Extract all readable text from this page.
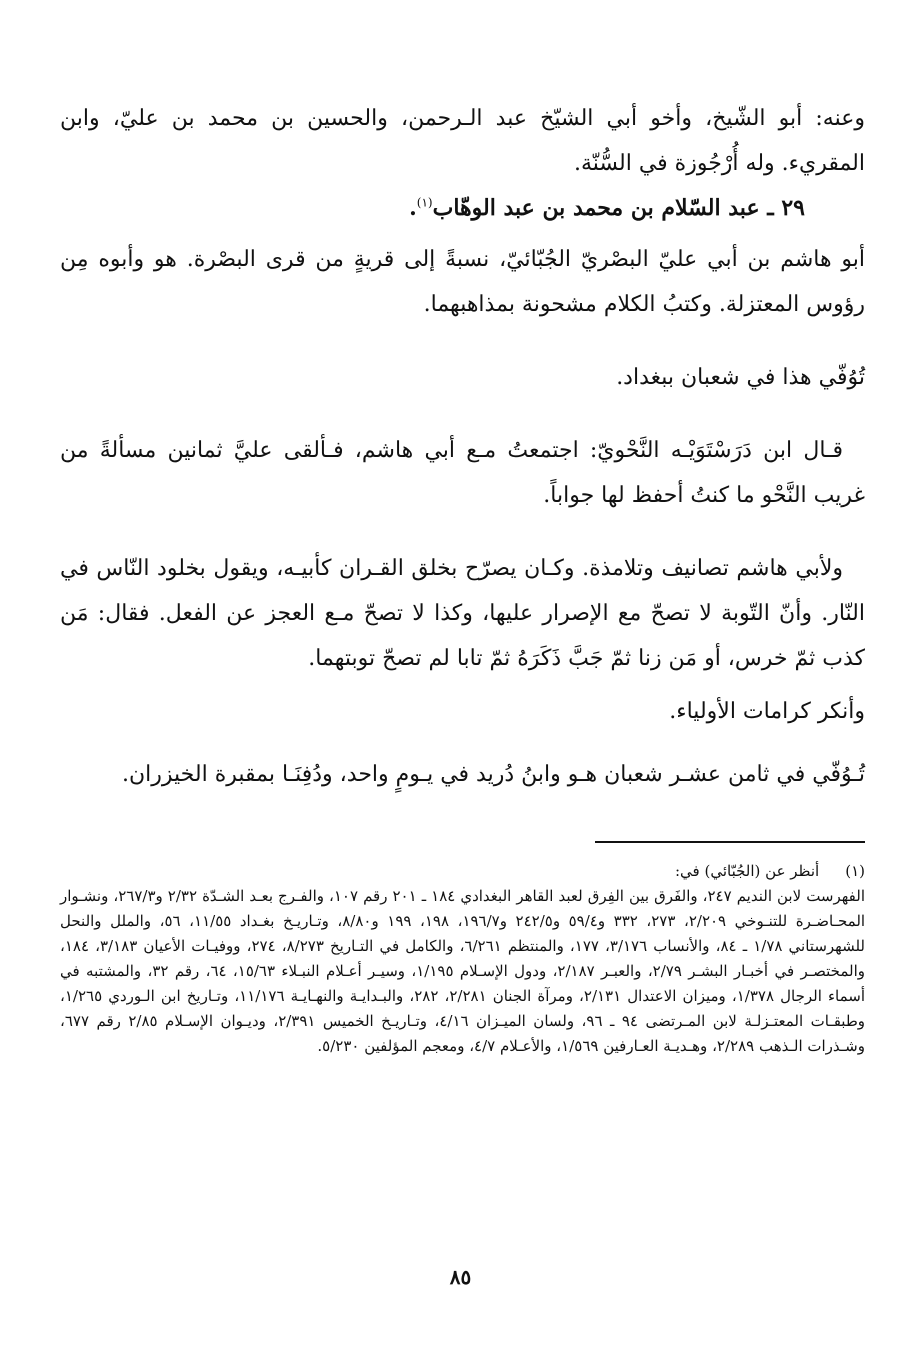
وعنه: أبو الشّيخ، وأخو أبي الشيّخ عبد الـرحمن، والحسين بن محمد بن عليّ، وابن المقريء. وله أُرْجُوزة في السُّنّة.

٢٩ ـ عبد السّلام بن محمد بن عبد الوهّاب$^{(١)}$.

أبو هاشم بن أبي عليّ البصْريّ الجُبّائيّ، نسبةً إلى قريةٍ من قرى البصْرة. هو وأبوه مِن رؤوس المعتزلة. وكتبُ الكلام مشحونة بمذاهبهما.

تُوُفّي هذا في شعبان ببغداد.

قـال ابن دَرَسْتَوَيْـه النَّحْويّ: اجتمعتُ مـع أبي هاشم، فـألقى عليَّ ثمانين مسألةً من غريب النَّحْو ما كنتُ أحفظ لها جواباً.

ولأبي هاشم تصانيف وتلامذة. وكـان يصرّح بخلق القـران كأبيـه، ويقول بخلود النّاس في النّار. وأنّ التّوبة لا تصحّ مع الإصرار عليها، وكذا لا تصحّ مـع العجز عن الفعل. فقال: مَن كذب ثمّ خرس، أو مَن زنا ثمّ جَبَّ ذَكَرَهُ ثمّ تابا لم تصحّ توبتهما.

وأنكر كرامات الأولياء.

تُـوُفّي في ثامن عشـر شعبان هـو وابنُ دُريد في يـومٍ واحد، ودُفِنَـا بمقبرة الخيزران.

(١)
أنظر عن (الجُبّائي) في:

الفهرست لابن النديم ٢٤٧، والفَرق بين الفِرق لعبد القاهر البغدادي ١٨٤ ـ ٢٠١ رقم ١٠٧، والفـرج بعـد الشـدّة ٢/٣٢ و٢٦٧/٣، ونشـوار المحـاضـرة للتنـوخي ٢/٢٠٩، ٢٧٣، ٣٣٢ و٥٩/٤ و٢٤٢/٥ و١٩٦/٧، ١٩٨، ١٩٩ و٨/٨٠، وتـاريـخ بغـداد ١١/٥٥، ٥٦، والملل والنحل للشهرستاني ١/٧٨ ـ ٨٤، والأنساب ٣/١٧٦، ١٧٧، والمنتظم ٦/٢٦١، والكامل في التـاريخ ٨/٢٧٣، ٢٧٤، ووفيـات الأعيان ٣/١٨٣، ١٨٤، والمختصـر في أخبـار البشـر ٢/٧٩، والعبـر ٢/١٨٧، ودول الإسـلام ١/١٩٥، وسيـر أعـلام النبـلاء ١٥/٦٣، ٦٤، رقم ٣٢، والمشتبه في أسماء الرجال ١/٣٧٨، وميزان الاعتدال ٢/١٣١، ومرآة الجنان ٢/٢٨١، ٢٨٢، والبـدايـة والنهـايـة ١١/١٧٦، وتـاريخ ابن الـوردي ١/٢٦٥، وطبقـات المعتـزلـة لابن المـرتضى ٩٤ ـ ٩٦، ولسان الميـزان ٤/١٦، وتـاريـخ الخميس ٢/٣٩١، وديـوان الإسـلام ٢/٨٥ رقم ٦٧٧، وشـذرات الـذهب ٢/٢٨٩، وهـديـة العـارفين ١/٥٦٩، والأعـلام ٤/٧، ومعجم المؤلفين ٥/٢٣٠.

٨٥
